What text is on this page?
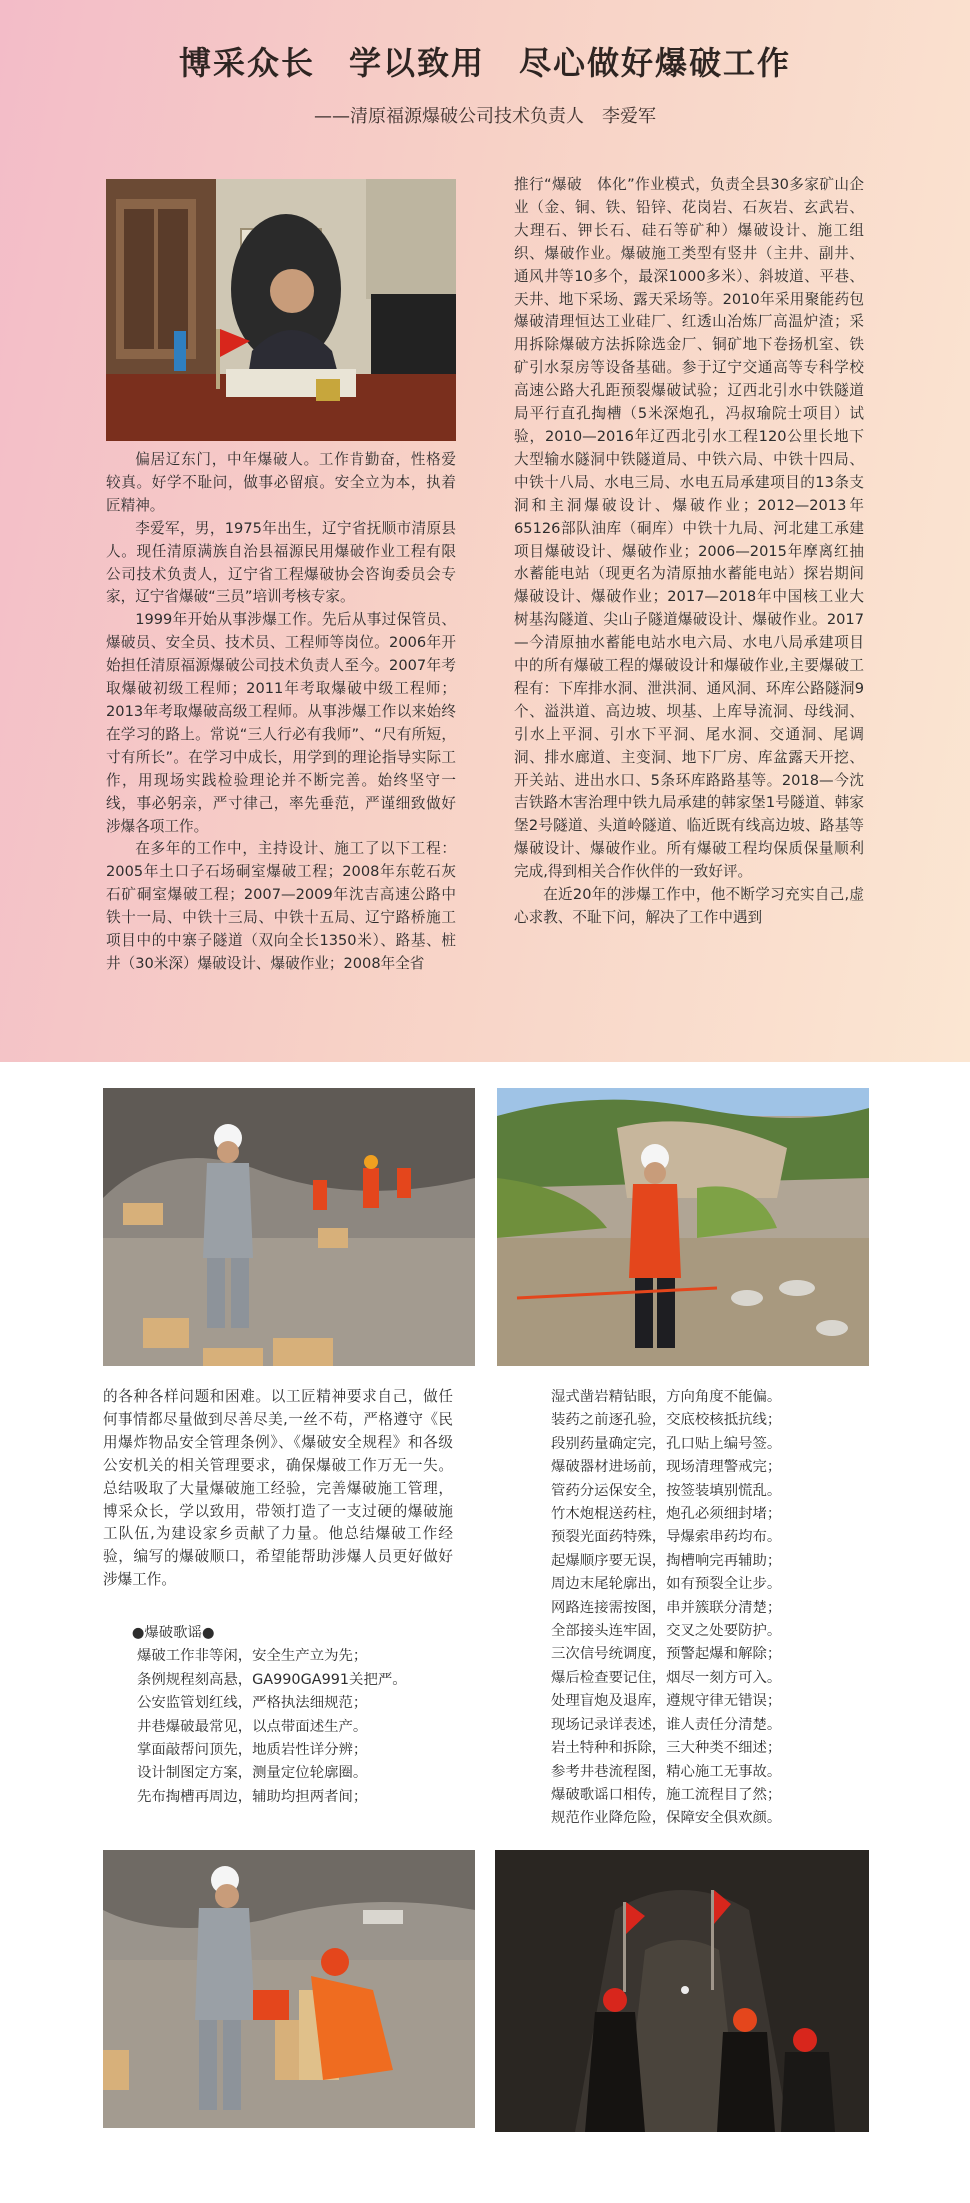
博采众长　学以致用　尽心做好爆破工作
——清原福源爆破公司技术负责人　李爱军

偏居辽东门，中年爆破人。工作肯勤奋，性格爱较真。好学不耻问，做事必留痕。安全立为本，执着匠精神。

李爱军，男，1975年出生，辽宁省抚顺市清原县人。现任清原满族自治县福源民用爆破作业工程有限公司技术负责人，辽宁省工程爆破协会咨询委员会专家，辽宁省爆破“三员”培训考核专家。

1999年开始从事涉爆工作。先后从事过保管员、爆破员、安全员、技术员、工程师等岗位。2006年开始担任清原福源爆破公司技术负责人至今。2007年考取爆破初级工程师；2011年考取爆破中级工程师；2013年考取爆破高级工程师。从事涉爆工作以来始终在学习的路上。常说“三人行必有我师”、“尺有所短，寸有所长”。在学习中成长，用学到的理论指导实际工作，用现场实践检验理论并不断完善。始终坚守一线，事必躬亲，严寸律己，率先垂范，严谨细致做好涉爆各项工作。

在多年的工作中，主持设计、施工了以下工程：2005年土口子石场硐室爆破工程；2008年东乾石灰石矿硐室爆破工程；2007—2009年沈吉高速公路中铁十一局、中铁十三局、中铁十五局、辽宁路桥施工项目中的中寨子隧道（双向全长1350米）、路基、桩井（30米深）爆破设计、爆破作业；2008年全省

推行“爆破　体化”作业模式，负责全县30多家矿山企业（金、铜、铁、铅锌、花岗岩、石灰岩、玄武岩、大理石、钾长石、硅石等矿种）爆破设计、施工组织、爆破作业。爆破施工类型有竖井（主井、副井、通风井等10多个，最深1000多米）、斜坡道、平巷、天井、地下采场、露天采场等。2010年采用聚能药包爆破清理恒达工业硅厂、红透山冶炼厂高温炉渣；采用拆除爆破方法拆除选金厂、铜矿地下卷扬机室、铁矿引水泵房等设备基础。参于辽宁交通高等专科学校高速公路大孔距预裂爆破试验；辽西北引水中铁隧道局平行直孔掏槽（5米深炮孔，冯叔瑜院士项目）试验，2010—2016年辽西北引水工程120公里长地下大型输水隧洞中铁隧道局、中铁六局、中铁十四局、中铁十八局、水电三局、水电五局承建项目的13条支洞和主洞爆破设计、爆破作业；2012—2013年65126部队油库（硐库）中铁十九局、河北建工承建项目爆破设计、爆破作业；2006—2015年摩离红抽水蓄能电站（现更名为清原抽水蓄能电站）探岩期间爆破设计、爆破作业；2017—2018年中国核工业大树基沟隧道、尖山子隧道爆破设计、爆破作业。2017—今清原抽水蓄能电站水电六局、水电八局承建项目中的所有爆破工程的爆破设计和爆破作业,主要爆破工程有：下库排水洞、泄洪洞、通风洞、环库公路隧洞9个、溢洪道、高边坡、坝基、上库导流洞、母线洞、引水上平洞、引水下平洞、尾水洞、交通洞、尾调洞、排水廊道、主变洞、地下厂房、库盆露天开挖、开关站、进出水口、5条环库路路基等。2018—今沈吉铁路木害治理中铁九局承建的韩家堡1号隧道、韩家堡2号隧道、头道岭隧道、临近既有线高边坡、路基等爆破设计、爆破作业。所有爆破工程均保质保量顺利完成,得到相关合作伙伴的一致好评。

在近20年的涉爆工作中，他不断学习充实自己,虚心求教、不耻下问，解决了工作中遇到

的各种各样问题和困难。以工匠精神要求自己，做任何事情都尽量做到尽善尽美,一丝不苟，严格遵守《民用爆炸物品安全管理条例》、《爆破安全规程》和各级公安机关的相关管理要求，确保爆破工作万无一失。总结吸取了大量爆破施工经验，完善爆破施工管理，博采众长，学以致用，带领打造了一支过硬的爆破施工队伍,为建设家乡贡献了力量。他总结爆破工作经验，编写的爆破顺口，希望能帮助涉爆人员更好做好涉爆工作。

●爆破歌谣●
爆破工作非等闲，安全生产立为先；
条例规程刻高悬，GA990GA991关把严。
公安监管划红线，严格执法细规范；
井巷爆破最常见，以点带面述生产。
掌面敲帮问顶先，地质岩性详分辨；
设计制图定方案，测量定位轮廓圈。
先布掏槽再周边，辅助均担两者间；
湿式凿岩精钻眼，方向角度不能偏。
装药之前逐孔验，交底校核抵抗线；
段别药量确定完，孔口贴上编号签。
爆破器材进场前，现场清理警戒完；
管药分运保安全，按签装填别慌乱。
竹木炮棍送药柱，炮孔必须细封堵；
预裂光面药特殊，导爆索串药均布。
起爆顺序要无误，掏槽响完再辅助；
周边末尾轮廓出，如有预裂全让步。
网路连接需按图，串并簇联分清楚；
全部接头连牢固，交叉之处要防护。
三次信号统调度，预警起爆和解除；
爆后检查要记住，烟尽一刻方可入。
处理盲炮及退库，遵规守律无错误；
现场记录详表述，谁人责任分清楚。
岩土特种和拆除，三大种类不细述；
参考井巷流程图，精心施工无事故。
爆破歌谣口相传，施工流程目了然；
规范作业降危险，保障安全俱欢颜。
